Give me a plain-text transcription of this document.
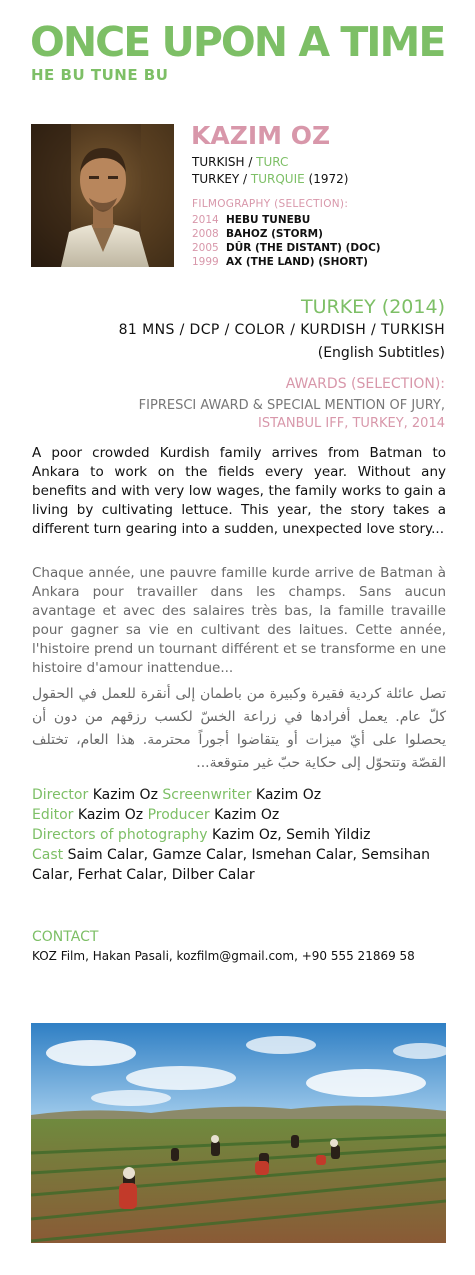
ONCE UPON A TIME
HE BU TUNE BU
KAZIM OZ
TURKISH / TURC
TURKEY / TURQUIE (1972)
FILMOGRAPHY (SELECTION):
2014 HEBU TUNEBU
2008 BAHOZ (STORM)
2005 DÛR (THE DISTANT) (DOC)
1999 AX (THE LAND) (SHORT)
TURKEY (2014)
81 MNS / DCP / COLOR / KURDISH / TURKISH
(English Subtitles)
AWARDS (SELECTION):
FIPRESCI AWARD & SPECIAL MENTION OF JURY,
ISTANBUL IFF, TURKEY, 2014

A poor crowded Kurdish family arrives from Batman to Ankara to work on the fields every year. Without any benefits and with very low wages, the family works to gain a living by cultivating lettuce. This year, the story takes a different turn gearing into a sudden, unexpected love story...

Chaque année, une pauvre famille kurde arrive de Batman à Ankara pour travailler dans les champs. Sans aucun avantage et avec des salaires très bas, la famille travaille pour gagner sa vie en cultivant des laitues. Cette année, l'histoire prend un tournant différent et se transforme en une histoire d'amour inattendue...

تصل عائلة كردية فقيرة وكبيرة من باطمان إلى أنقرة للعمل في الحقول كلّ عام. يعمل أفرادها في زراعة الخسّ لكسب رزقهم من دون أن يحصلوا على أيّ ميزات أو يتقاضوا أجوراً محترمة. هذا العام، تختلف القصّة وتتحوّل إلى حكاية حبّ غير متوقعة...

Director Kazim Oz Screenwriter Kazim Oz
Editor Kazim Oz Producer Kazim Oz
Directors of photography Kazim Oz, Semih Yildiz
Cast Saim Calar, Gamze Calar, Ismehan Calar, Semsihan Calar, Ferhat Calar, Dilber Calar
CONTACT
KOZ Film, Hakan Pasali, kozfilm@gmail.com, +90 555 21869 58
